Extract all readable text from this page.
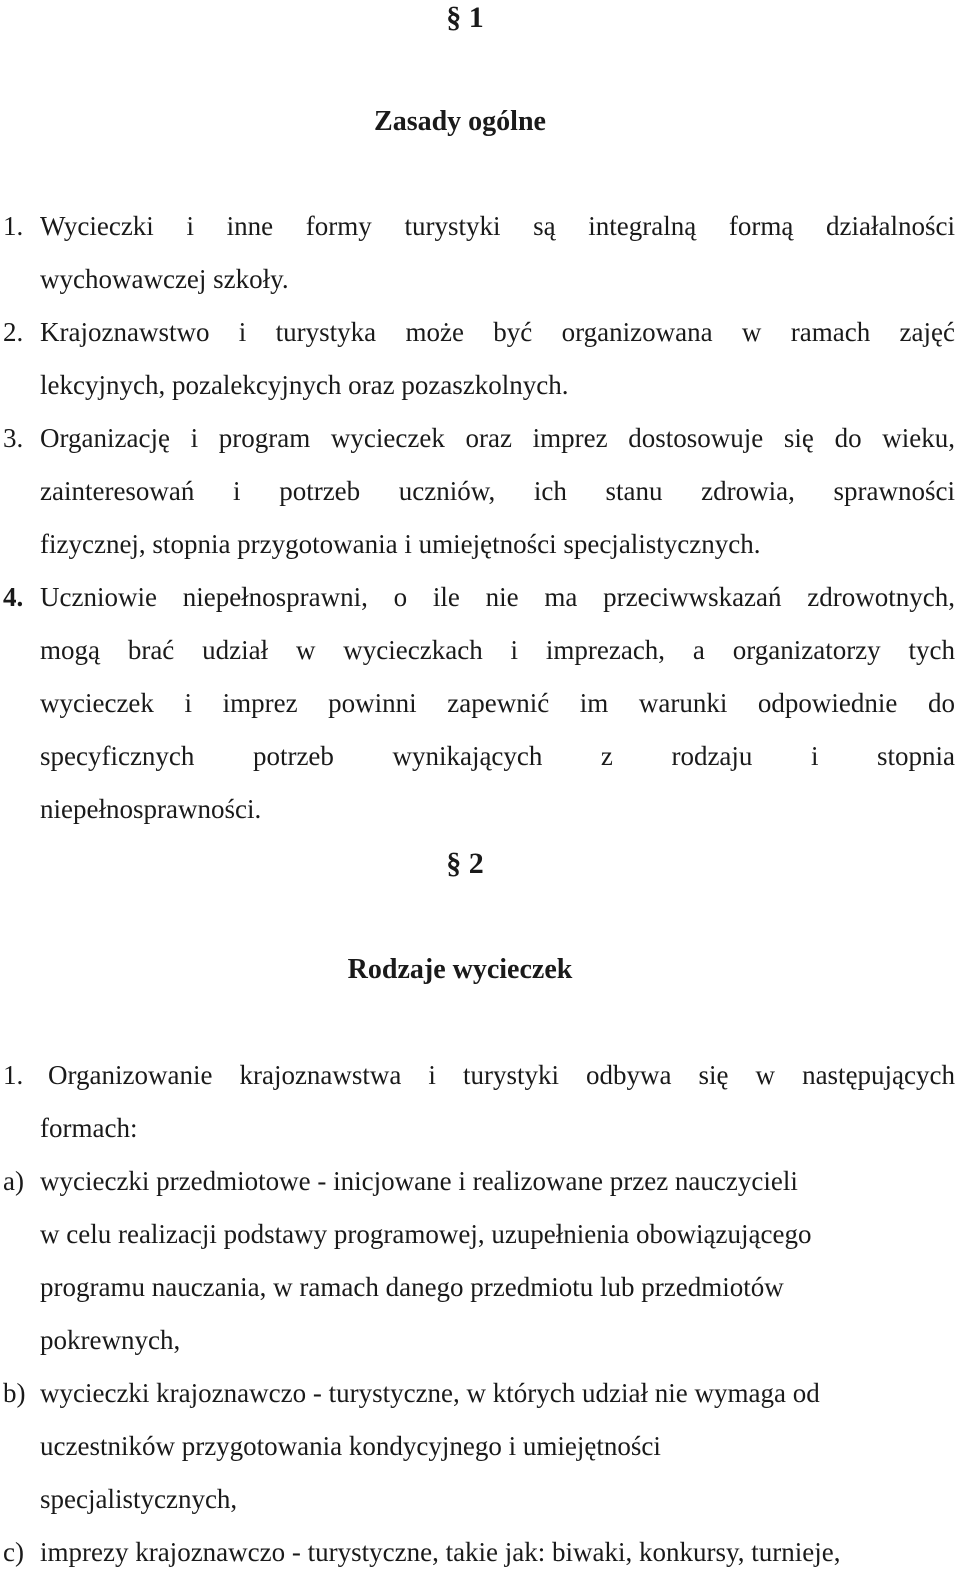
§ 1
Zasady ogólne
1. Wycieczki i inne formy turystyki są integralną formą działalności
wychowawczej szkoły.
2. Krajoznawstwo i turystyka może być organizowana w ramach zajęć
lekcyjnych, pozalekcyjnych oraz pozaszkolnych.
3. Organizację i program wycieczek oraz imprez dostosowuje się do wieku,
zainteresowań i potrzeb uczniów, ich stanu zdrowia, sprawności
fizycznej, stopnia przygotowania i umiejętności specjalistycznych.
4. Uczniowie niepełnosprawni, o ile nie ma przeciwwskazań zdrowotnych,
mogą brać udział w wycieczkach i imprezach, a organizatorzy tych
wycieczek i imprez powinni zapewnić im warunki odpowiednie do
specyficznych potrzeb wynikających z rodzaju i stopnia
niepełnosprawności.
§ 2
Rodzaje wycieczek
1. Organizowanie krajoznawstwa i turystyki odbywa się w następujących
formach:
a) wycieczki przedmiotowe - inicjowane i realizowane przez nauczycieli
w celu realizacji podstawy programowej, uzupełnienia obowiązującego
programu nauczania, w ramach danego przedmiotu lub przedmiotów
pokrewnych,
b) wycieczki krajoznawczo - turystyczne, w których udział nie wymaga od
uczestników przygotowania kondycyjnego i umiejętności
specjalistycznych,
c) imprezy krajoznawczo - turystyczne, takie jak: biwaki, konkursy, turnieje,
